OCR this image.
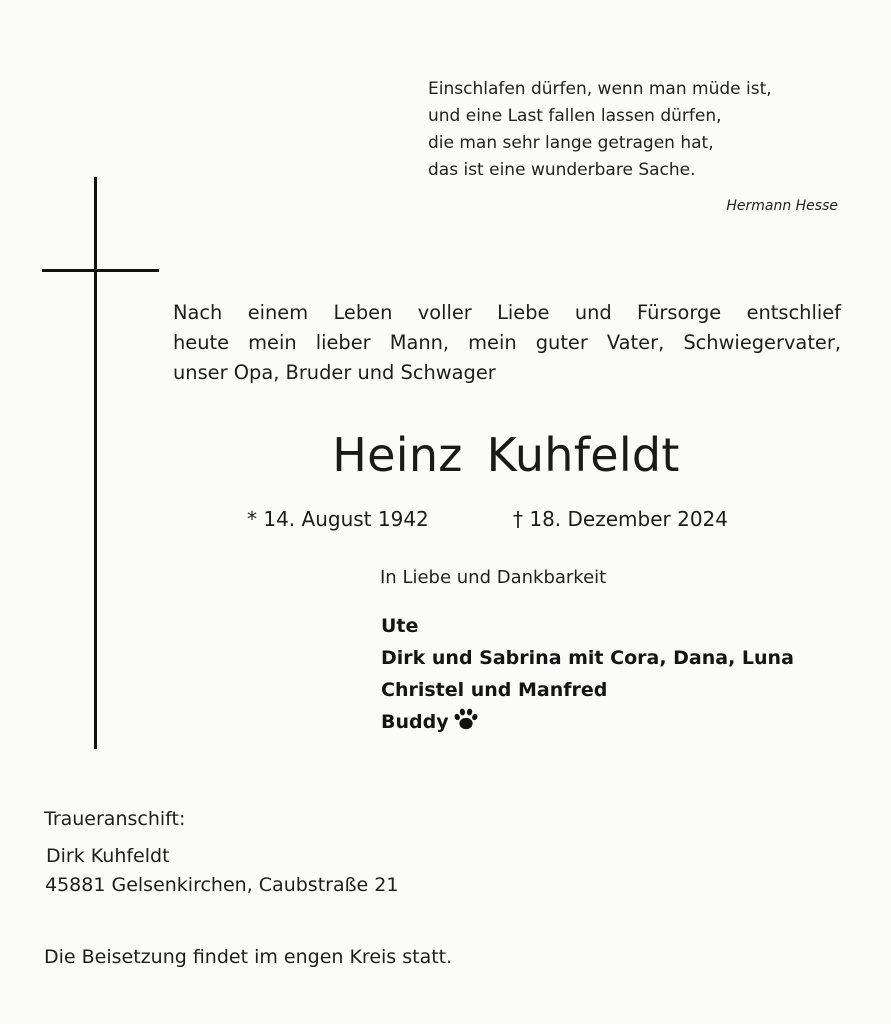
Einschlafen dürfen, wenn man müde ist,
und eine Last fallen lassen dürfen,
die man sehr lange getragen hat,
das ist eine wunderbare Sache.
Hermann Hesse
Nach einem Leben voller Liebe und Fürsorge entschlief
heute mein lieber Mann, mein guter Vater, Schwiegervater,
unser Opa, Bruder und Schwager
Heinz Kuhfeldt
* 14. August 1942	† 18. Dezember 2024
In Liebe und Dankbarkeit
Ute
Dirk und Sabrina mit Cora, Dana, Luna
Christel und Manfred
Buddy
Traueranschift:
Dirk Kuhfeldt
45881 Gelsenkirchen, Caubstraße 21
Die Beisetzung findet im engen Kreis statt.
